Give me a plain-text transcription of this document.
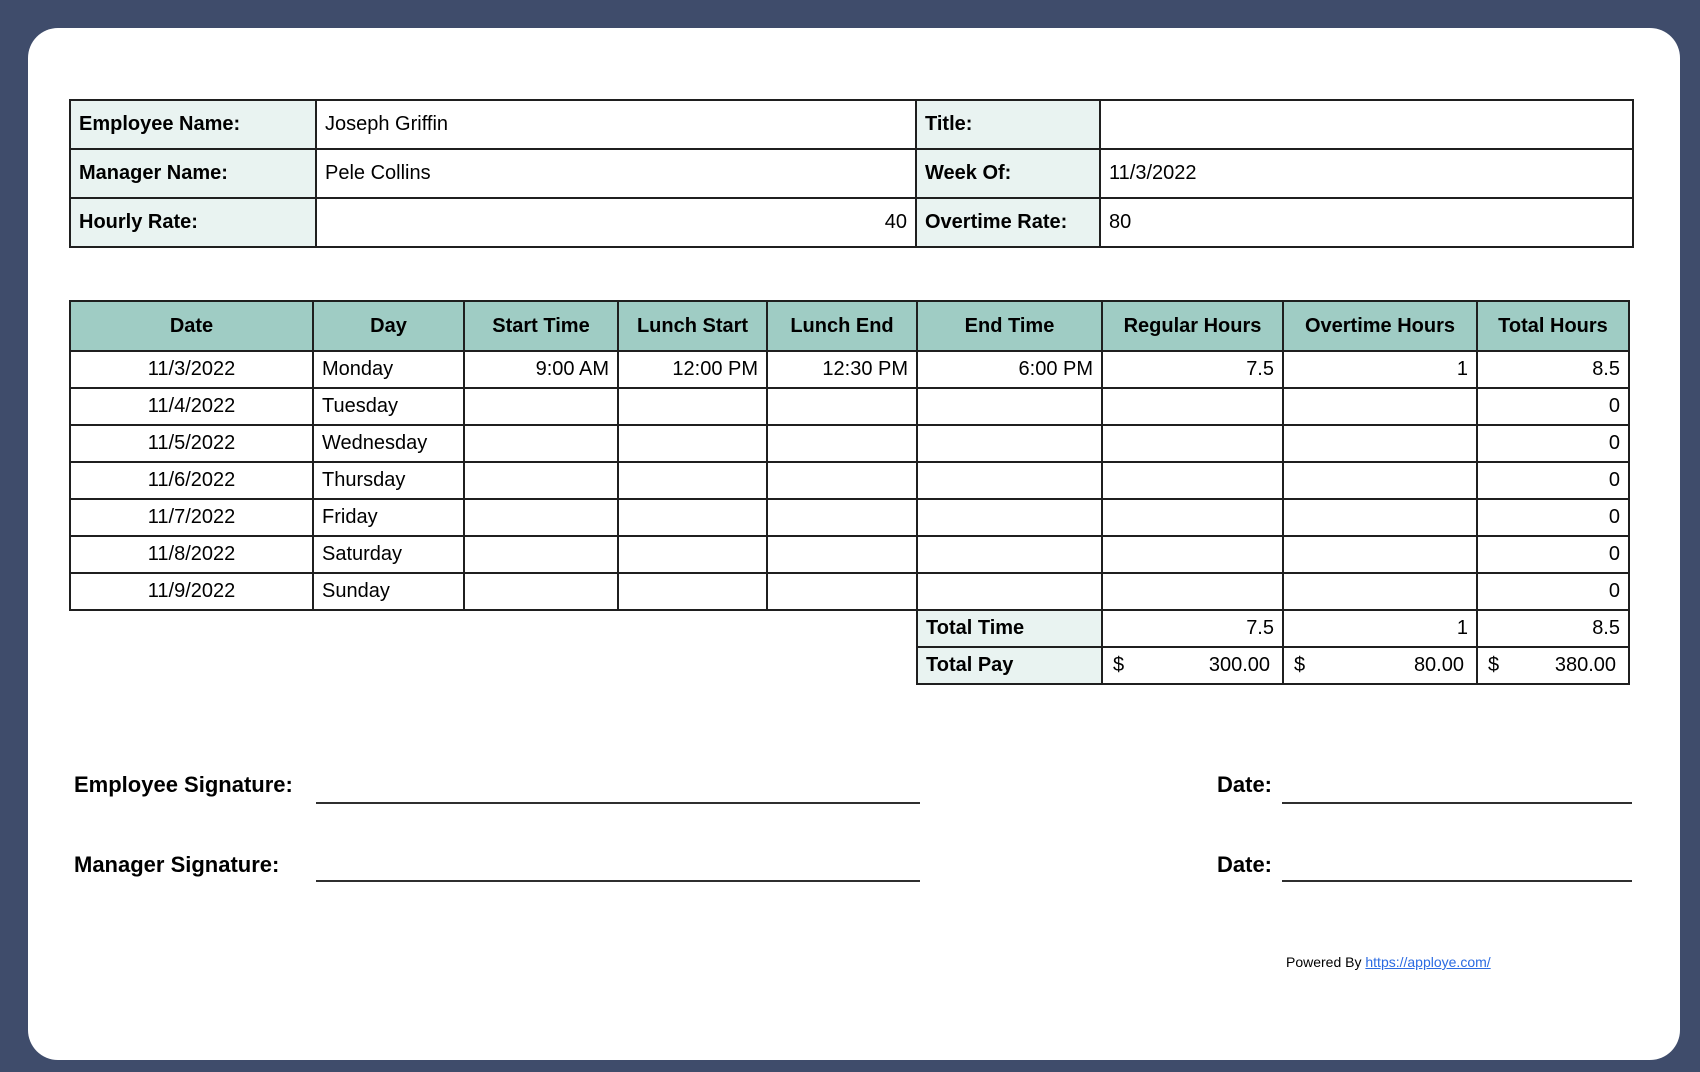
Employee Name:	Joseph Griffin	Title:	
Manager Name:	Pele Collins	Week Of:	11/3/2022
Hourly Rate:	40	Overtime Rate:	80
Date	Day	Start Time	Lunch Start	Lunch End	End Time	Regular Hours	Overtime Hours	Total Hours
11/3/2022	Monday	9:00 AM	12:00 PM	12:30 PM	6:00 PM	7.5	1	8.5
11/4/2022	Tuesday							0
11/5/2022	Wednesday							0
11/6/2022	Thursday							0
11/7/2022	Friday							0
11/8/2022	Saturday							0
11/9/2022	Sunday							0
					Total Time	7.5	1	8.5
					Total Pay	$ 300.00	$ 80.00	$ 380.00
Employee Signature:	Date:
Manager Signature:	Date:
Powered By https://apploye.com/
